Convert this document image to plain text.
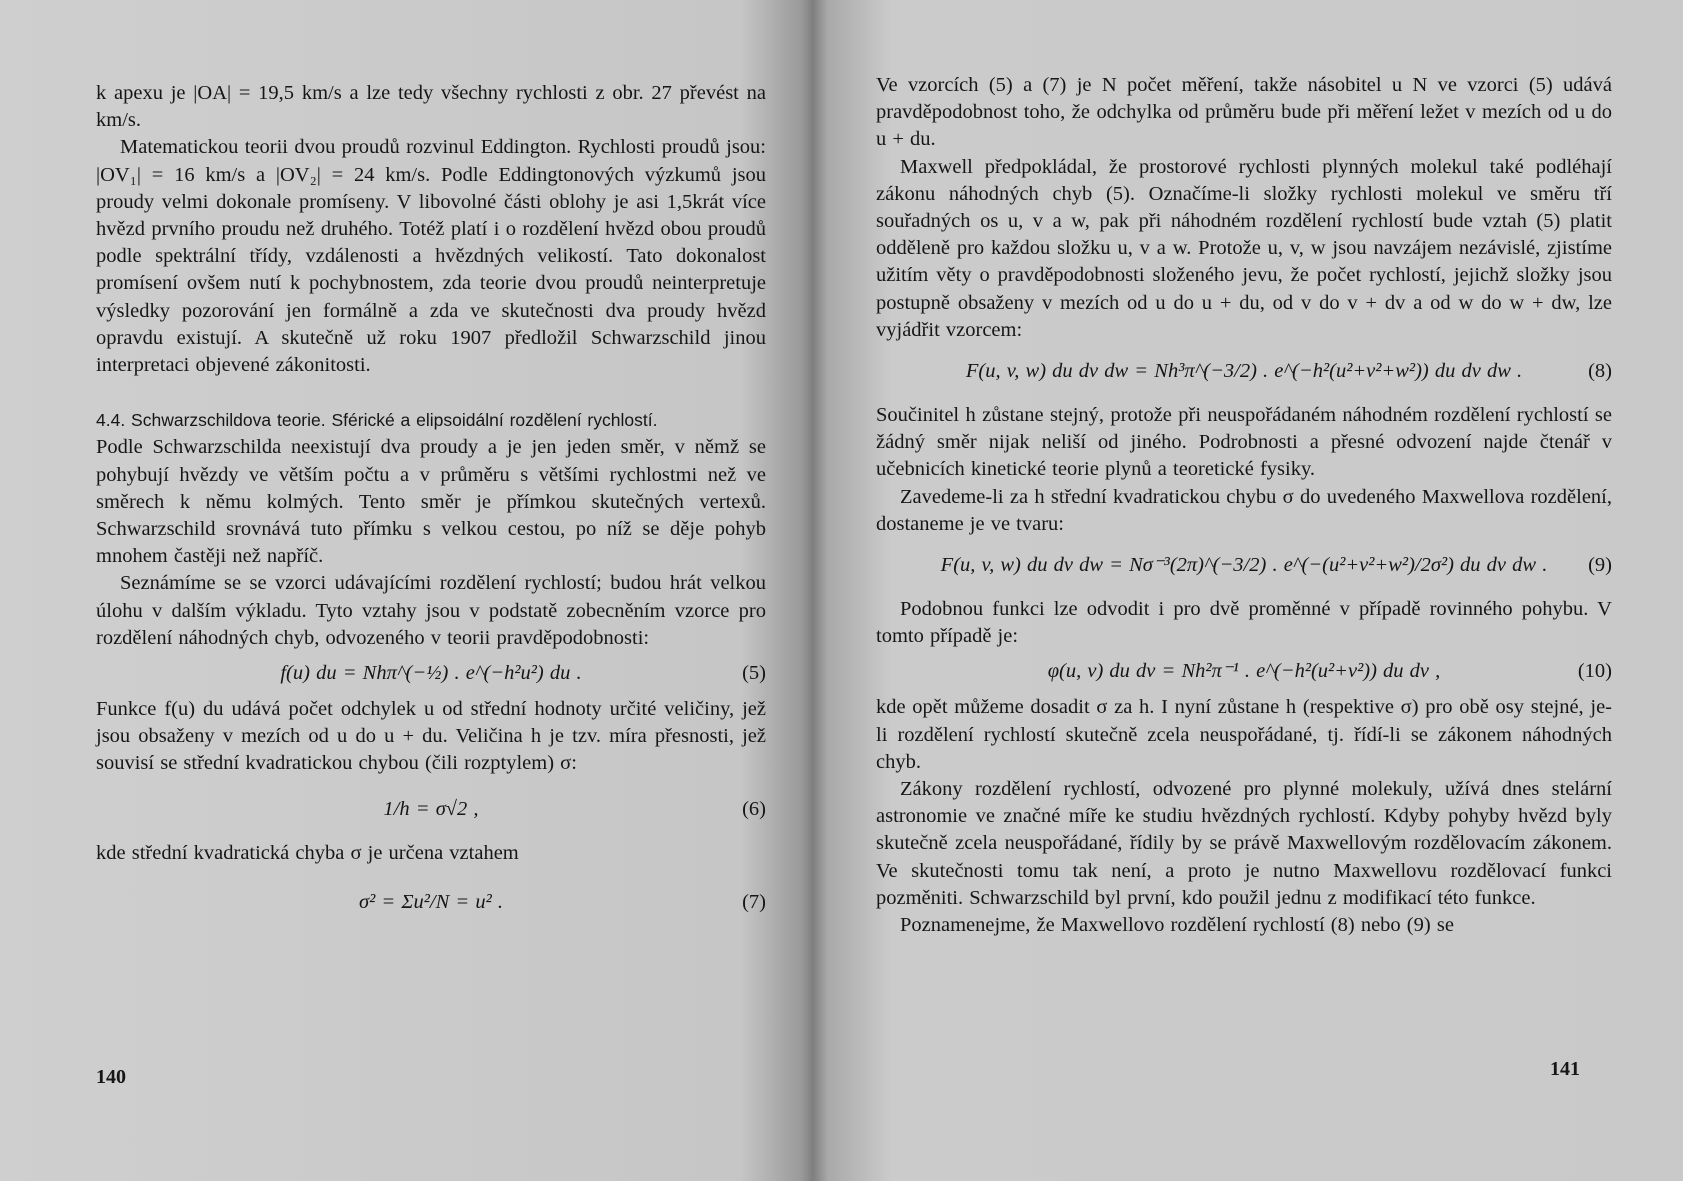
k apexu je |OA| = 19,5 km/s a lze tedy všechny rychlosti z obr. 27 převést na km/s.

Matematickou teorii dvou proudů rozvinul Eddington. Rychlosti proudů jsou: |OV₁| = 16 km/s a |OV₂| = 24 km/s. Podle Eddingtonových výzkumů jsou proudy velmi dokonale promíseny. V libovolné části oblohy je asi 1,5krát více hvězd prvního proudu než druhého. Totéž platí i o rozdělení hvězd obou proudů podle spektrální třídy, vzdálenosti a hvězdných velikostí. Tato dokonalost promísení ovšem nutí k pochybnostem, zda teorie dvou proudů neinterpretuje výsledky pozorování jen formálně a zda ve skutečnosti dva proudy hvězd opravdu existují. A skutečně už roku 1907 předložil Schwarzschild jinou interpretaci objevené zákonitosti.

4.4. Schwarzschildova teorie. Sférické a elipsoidální rozdělení rychlostí.

Podle Schwarzschilda neexistují dva proudy a je jen jeden směr, v němž se pohybují hvězdy ve větším počtu a v průměru s většími rychlostmi než ve směrech k němu kolmých. Tento směr je přímkou skutečných vertexů. Schwarzschild srovnává tuto přímku s velkou cestou, po níž se děje pohyb mnohem častěji než napříč.

Seznámíme se se vzorci udávajícími rozdělení rychlostí; budou hrát velkou úlohu v dalším výkladu. Tyto vztahy jsou v podstatě zobecněním vzorce pro rozdělení náhodných chyb, odvozeného v teorii pravděpodobnosti:

f(u) du = Nhπ^(−½) . e^(−h²u²) du .	(5)

Funkce f(u) du udává počet odchylek u od střední hodnoty určité veličiny, jež jsou obsaženy v mezích od u do u + du. Veličina h je tzv. míra přesnosti, jež souvisí se střední kvadratickou chybou (čili rozptylem) σ:

1/h = σ√2 ,	(6)

kde střední kvadratická chyba σ je určena vztahem

σ² = Σu²/N = u² .	(7)
140

Ve vzorcích (5) a (7) je N počet měření, takže násobitel u N ve vzorci (5) udává pravděpodobnost toho, že odchylka od průměru bude při měření ležet v mezích od u do u + du.

Maxwell předpokládal, že prostorové rychlosti plynných molekul také podléhají zákonu náhodných chyb (5). Označíme-li složky rychlosti molekul ve směru tří souřadných os u, v a w, pak při náhodném rozdělení rychlostí bude vztah (5) platit odděleně pro každou složku u, v a w. Protože u, v, w jsou navzájem nezávislé, zjistíme užitím věty o pravděpodobnosti složeného jevu, že počet rychlostí, jejichž složky jsou postupně obsaženy v mezích od u do u + du, od v do v + dv a od w do w + dw, lze vyjádřit vzorcem:

F(u, v, w) du dv dw = Nh³π^(−3/2) . e^(−h²(u²+v²+w²)) du dv dw .	(8)

Součinitel h zůstane stejný, protože při neuspořádaném náhodném rozdělení rychlostí se žádný směr nijak neliší od jiného. Podrobnosti a přesné odvození najde čtenář v učebnicích kinetické teorie plynů a teoretické fysiky.

Zavedeme-li za h střední kvadratickou chybu σ do uvedeného Maxwellova rozdělení, dostaneme je ve tvaru:

F(u, v, w) du dv dw = Nσ⁻³(2π)^(−3/2) . e^(−(u²+v²+w²)/2σ²) du dv dw .	(9)

Podobnou funkci lze odvodit i pro dvě proměnné v případě rovinného pohybu. V tomto případě je:

φ(u, v) du dv = Nh²π⁻¹ . e^(−h²(u²+v²)) du dv ,	(10)

kde opět můžeme dosadit σ za h. I nyní zůstane h (respektive σ) pro obě osy stejné, je-li rozdělení rychlostí skutečně zcela neuspořádané, tj. řídí-li se zákonem náhodných chyb.

Zákony rozdělení rychlostí, odvozené pro plynné molekuly, užívá dnes stelární astronomie ve značné míře ke studiu hvězdných rychlostí. Kdyby pohyby hvězd byly skutečně zcela neuspořádané, řídily by se právě Maxwellovým rozdělovacím zákonem. Ve skutečnosti tomu tak není, a proto je nutno Maxwellovu rozdělovací funkci pozměniti. Schwarzschild byl první, kdo použil jednu z modifikací této funkce.

Poznamenejme, že Maxwellovo rozdělení rychlostí (8) nebo (9) se

141
